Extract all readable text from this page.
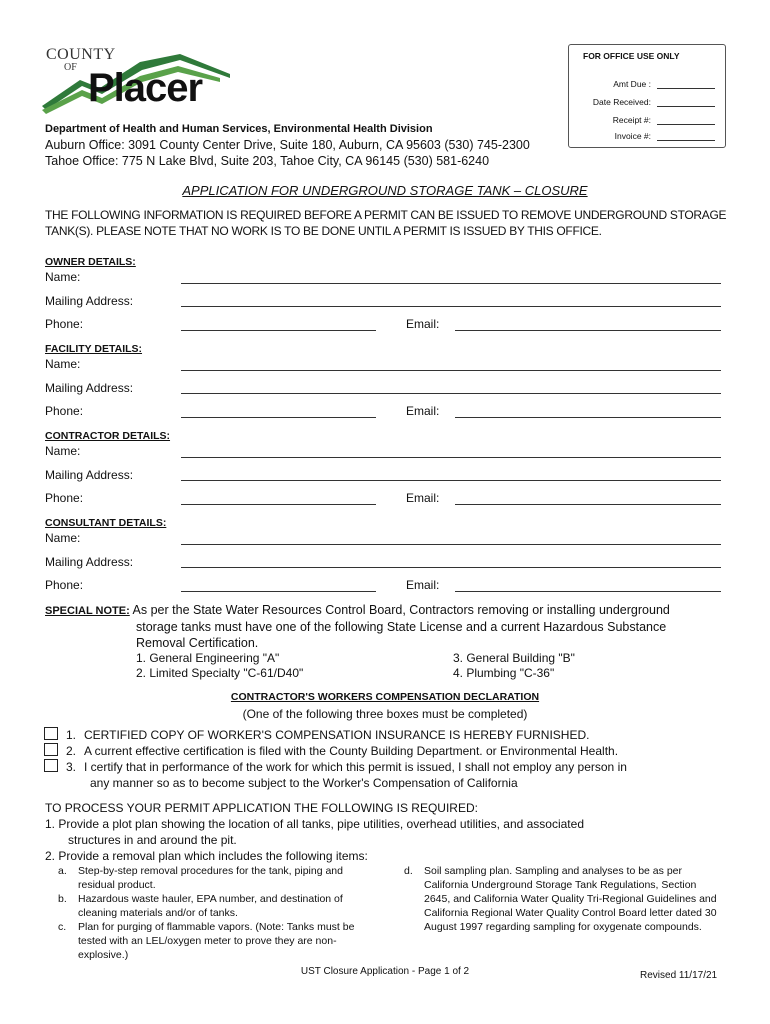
COUNTY
OF Placer
FOR OFFICE USE ONLY
Amt Due :
Date Received:
Receipt #:
Invoice #:
Department of Health and Human Services, Environmental Health Division
Auburn Office: 3091 County Center Drive, Suite 180, Auburn, CA 95603 (530) 745-2300
Tahoe Office: 775 N Lake Blvd, Suite 203, Tahoe City, CA 96145 (530) 581-6240
APPLICATION FOR UNDERGROUND STORAGE TANK – CLOSURE
THE FOLLOWING INFORMATION IS REQUIRED BEFORE A PERMIT CAN BE ISSUED TO REMOVE UNDERGROUND STORAGE TANK(S). PLEASE NOTE THAT NO WORK IS TO BE DONE UNTIL A PERMIT IS ISSUED BY THIS OFFICE.
OWNER DETAILS:
Name:
Mailing Address:
Phone:	Email:
FACILITY DETAILS:
Name:
Mailing Address:
Phone:	Email:
CONTRACTOR DETAILS:
Name:
Mailing Address:
Phone:	Email:
CONSULTANT DETAILS:
Name:
Mailing Address:
Phone:	Email:
SPECIAL NOTE: As per the State Water Resources Control Board, Contractors removing or installing underground
storage tanks must have one of the following State License and a current Hazardous Substance
Removal Certification.
1. General Engineering "A"
2. Limited Specialty "C-61/D40"
3. General Building "B"
4. Plumbing "C-36"
CONTRACTOR'S WORKERS COMPENSATION DECLARATION
(One of the following three boxes must be completed)
1. CERTIFIED COPY OF WORKER'S COMPENSATION INSURANCE IS HEREBY FURNISHED.
2. A current effective certification is filed with the County Building Department. or Environmental Health.
3. I certify that in performance of the work for which this permit is issued, I shall not employ any person in
any manner so as to become subject to the Worker's Compensation of California
TO PROCESS YOUR PERMIT APPLICATION THE FOLLOWING IS REQUIRED:
1. Provide a plot plan showing the location of all tanks, pipe utilities, overhead utilities, and associated
structures in and around the pit.
2. Provide a removal plan which includes the following items:
a. Step-by-step removal procedures for the tank, piping and residual product.
b. Hazardous waste hauler, EPA number, and destination of cleaning materials and/or of tanks.
c. Plan for purging of flammable vapors. (Note: Tanks must be tested with an LEL/oxygen meter to prove they are non-explosive.)
d. Soil sampling plan. Sampling and analyses to be as per California Underground Storage Tank Regulations, Section 2645, and California Water Quality Tri-Regional Guidelines and California Regional Water Quality Control Board letter dated 30 August 1997 regarding sampling for oxygenate compounds.
UST Closure Application - Page 1 of 2	Revised 11/17/21
